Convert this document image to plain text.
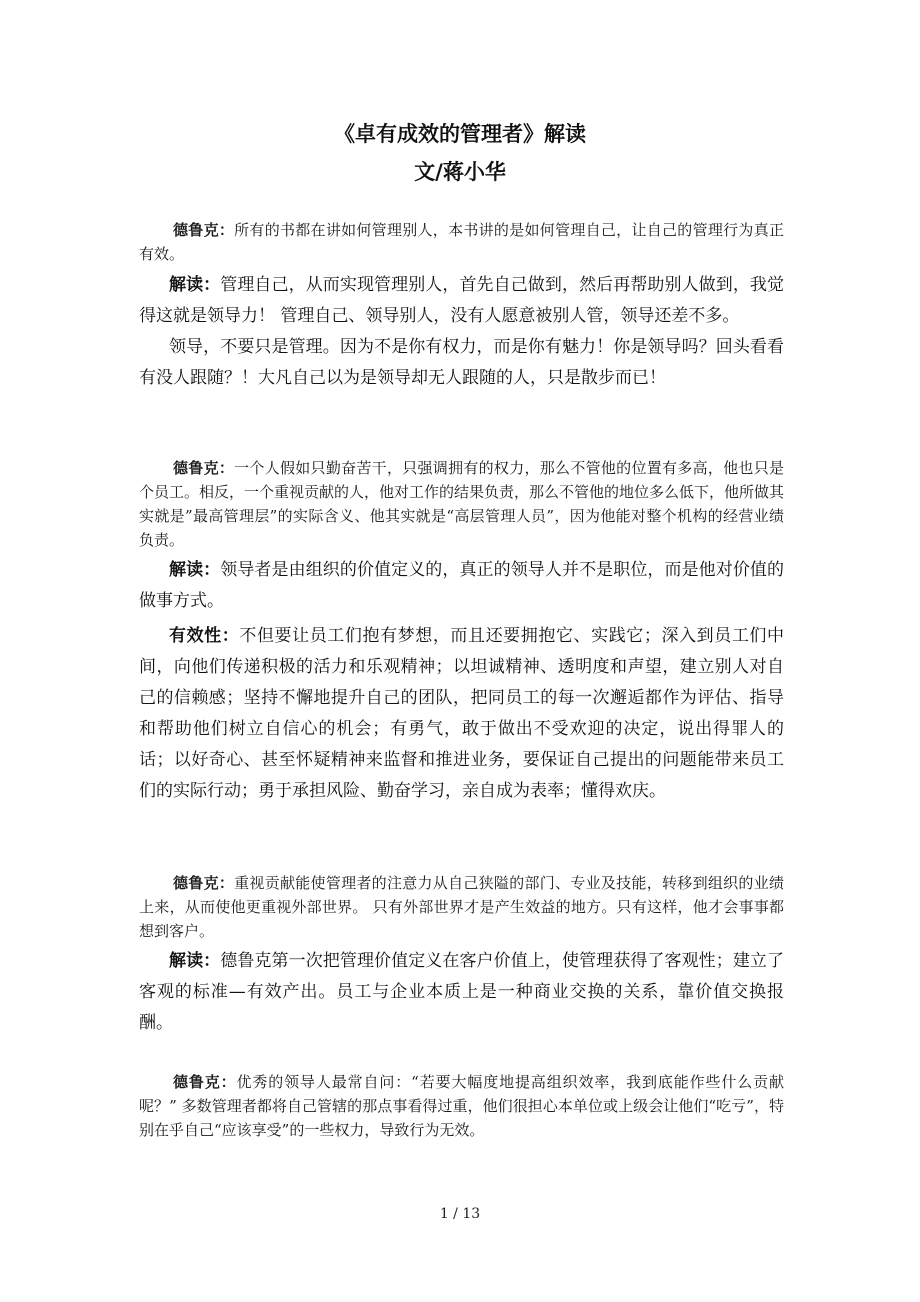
《卓有成效的管理者》解读

文/蒋小华

德鲁克：所有的书都在讲如何管理别人，本书讲的是如何管理自己，让自己的管理行为真正有效。

解读：管理自己，从而实现管理别人，首先自己做到，然后再帮助别人做到，我觉得这就是领导力！ 管理自己、领导别人，没有人愿意被别人管，领导还差不多。

领导，不要只是管理。因为不是你有权力，而是你有魅力！你是领导吗？回头看看有没人跟随？！大凡自己以为是领导却无人跟随的人，只是散步而已！

德鲁克：一个人假如只勤奋苦干，只强调拥有的权力，那么不管他的位置有多高，他也只是个员工。相反，一个重视贡献的人，他对工作的结果负责，那么不管他的地位多么低下，他所做其实就是”最高管理层”的实际含义、他其实就是“高层管理人员”，因为他能对整个机构的经营业绩负责。

解读：领导者是由组织的价值定义的，真正的领导人并不是职位，而是他对价值的做事方式。

有效性：不但要让员工们抱有梦想，而且还要拥抱它、实践它；深入到员工们中间，向他们传递积极的活力和乐观精神；以坦诚精神、透明度和声望，建立别人对自己的信赖感；坚持不懈地提升自己的团队，把同员工的每一次邂逅都作为评估、指导和帮助他们树立自信心的机会；有勇气，敢于做出不受欢迎的决定，说出得罪人的话；以好奇心、甚至怀疑精神来监督和推进业务，要保证自己提出的问题能带来员工们的实际行动；勇于承担风险、勤奋学习，亲自成为表率；懂得欢庆。

德鲁克：重视贡献能使管理者的注意力从自己狭隘的部门、专业及技能，转移到组织的业绩上来，从而使他更重视外部世界。 只有外部世界才是产生效益的地方。只有这样，他才会事事都想到客户。

解读：德鲁克第一次把管理价值定义在客户价值上，使管理获得了客观性；建立了客观的标准—有效产出。员工与企业本质上是一种商业交换的关系，靠价值交换报酬。

德鲁克：优秀的领导人最常自问：“若要大幅度地提高组织效率，我到底能作些什么贡献呢？” 多数管理者都将自己管辖的那点事看得过重，他们很担心本单位或上级会让他们“吃亏”，特别在乎自己“应该享受”的一些权力，导致行为无效。

1 / 13
